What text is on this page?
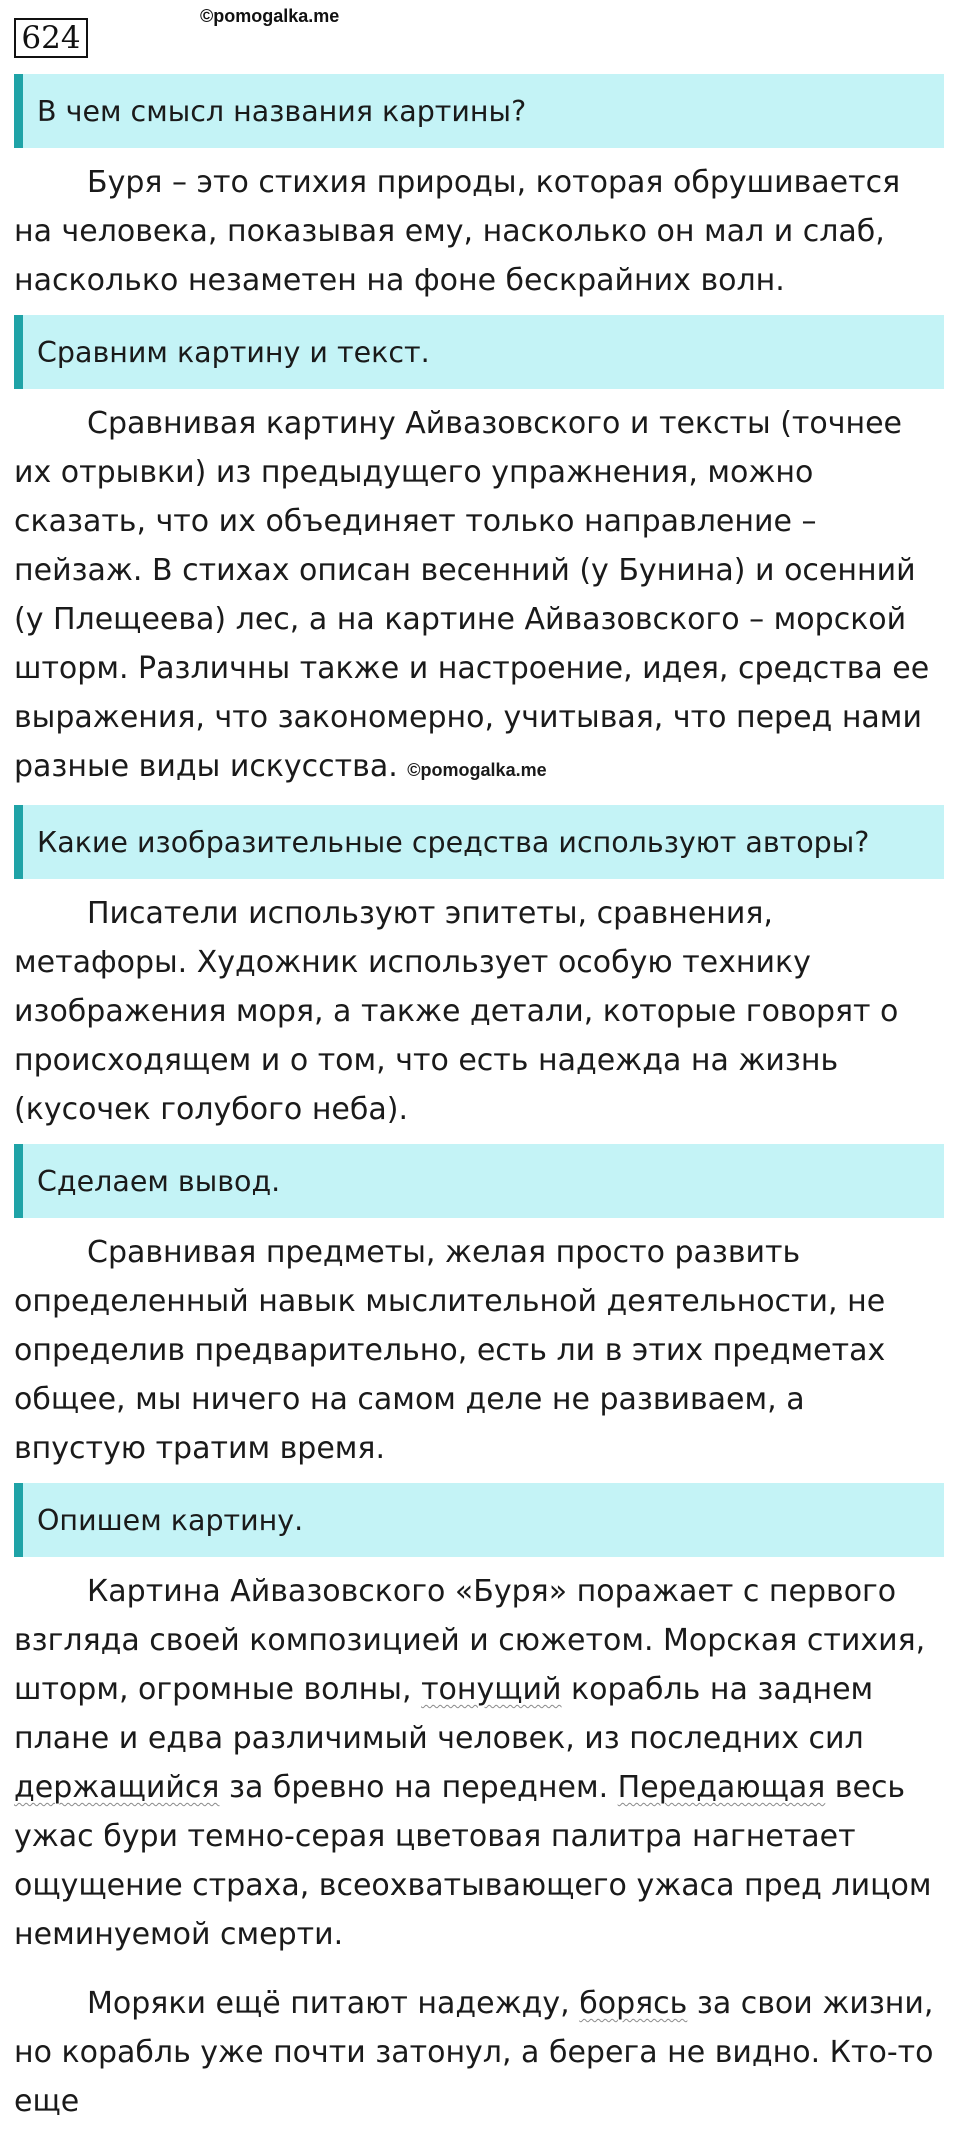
624
©pomogalka.me
В чем смысл названия картины?

Буря – это стихия природы, которая обрушивается на человека, показывая ему, насколько он мал и слаб, насколько незаметен на фоне бескрайних волн.

Сравним картину и текст.

Сравнивая картину Айвазовского и тексты (точнее их отрывки) из предыдущего упражнения, можно сказать, что их объединяет только направление – пейзаж. В стихах описан весенний (у Бунина) и осенний (у Плещеева) лес, а на картине Айвазовского – морской шторм. Различны также и настроение, идея, средства ее выражения, что закономерно, учитывая, что перед нами разные виды искусства. ©pomogalka.me

Какие изобразительные средства используют авторы?

Писатели используют эпитеты, сравнения, метафоры. Художник использует особую технику изображения моря, а также детали, которые говорят о происходящем и о том, что есть надежда на жизнь (кусочек голубого неба).

Сделаем вывод.

Сравнивая предметы, желая просто развить определенный навык мыслительной деятельности, не определив предварительно, есть ли в этих предметах общее, мы ничего на самом деле не развиваем, а впустую тратим время.

Опишем картину.

Картина Айвазовского «Буря» поражает с первого взгляда своей композицией и сюжетом. Морская стихия, шторм, огромные волны, тонущий корабль на заднем плане и едва различимый человек, из последних сил держащийся за бревно на переднем. Передающая весь ужас бури темно-серая цветовая палитра нагнетает ощущение страха, всеохватывающего ужаса пред лицом неминуемой смерти.

Моряки ещё питают надежду, борясь за свои жизни, но корабль уже почти затонул, а берега не видно. Кто-то еще
